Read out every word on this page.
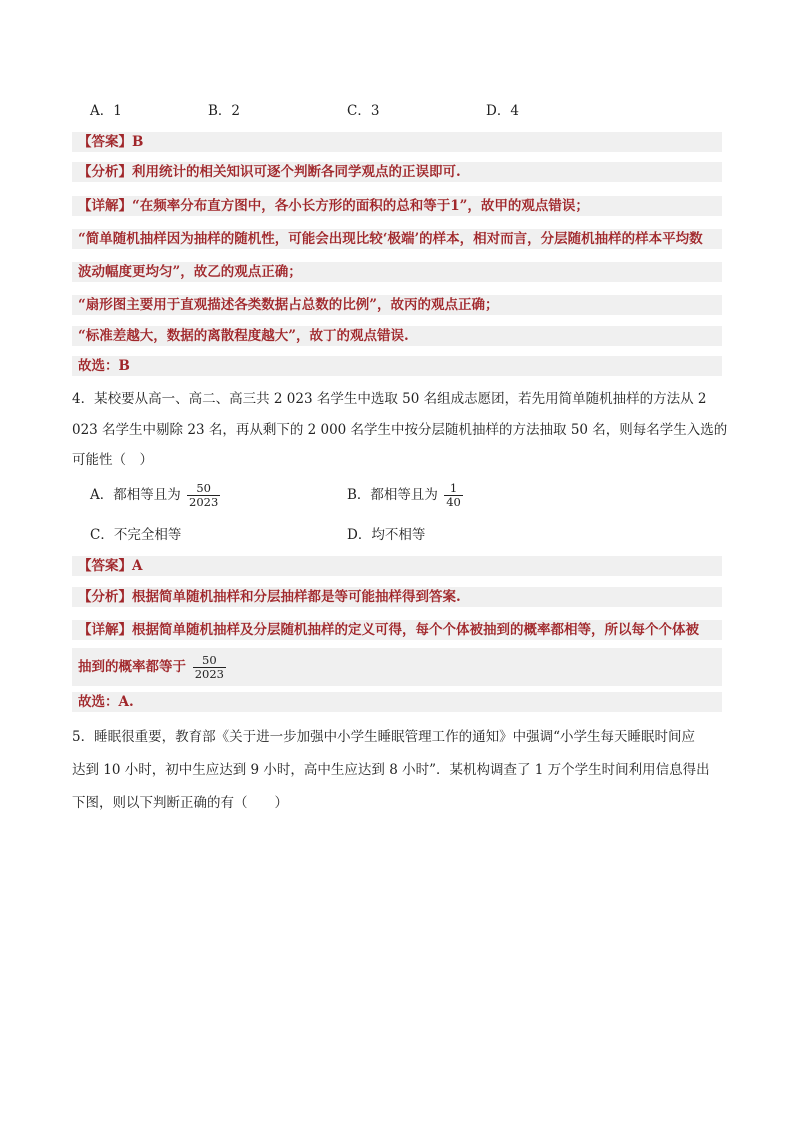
A．1	B．2	C．3	D．4
【答案】B
【分析】利用统计的相关知识可逐个判断各同学观点的正误即可.
【详解】“在频率分布直方图中，各小长方形的面积的总和等于1”，故甲的观点错误；
“简单随机抽样因为抽样的随机性，可能会出现比较‘极端’的样本，相对而言，分层随机抽样的样本平均数
波动幅度更均匀”，故乙的观点正确；
“扇形图主要用于直观描述各类数据占总数的比例”，故丙的观点正确；
“标准差越大，数据的离散程度越大”，故丁的观点错误.
故选：B
4．某校要从高一、高二、高三共 2 023 名学生中选取 50 名组成志愿团，若先用简单随机抽样的方法从 2
023 名学生中剔除 23 名，再从剩下的 2 000 名学生中按分层随机抽样的方法抽取 50 名，则每名学生入选的
可能性（　）
A．都相等且为 $\frac{50}{2023}$	B．都相等且为 $\frac{1}{40}$
C．不完全相等	D．均不相等
【答案】A
【分析】根据简单随机抽样和分层抽样都是等可能抽样得到答案.
【详解】根据简单随机抽样及分层随机抽样的定义可得，每个个体被抽到的概率都相等，所以每个个体被
抽到的概率都等于 $\frac{50}{2023}$
故选：A.
5．睡眠很重要，教育部《关于进一步加强中小学生睡眠管理工作的通知》中强调“小学生每天睡眠时间应
达到 10 小时，初中生应达到 9 小时，高中生应达到 8 小时”．某机构调查了 1 万个学生时间利用信息得出
下图，则以下判断正确的有（　　）
